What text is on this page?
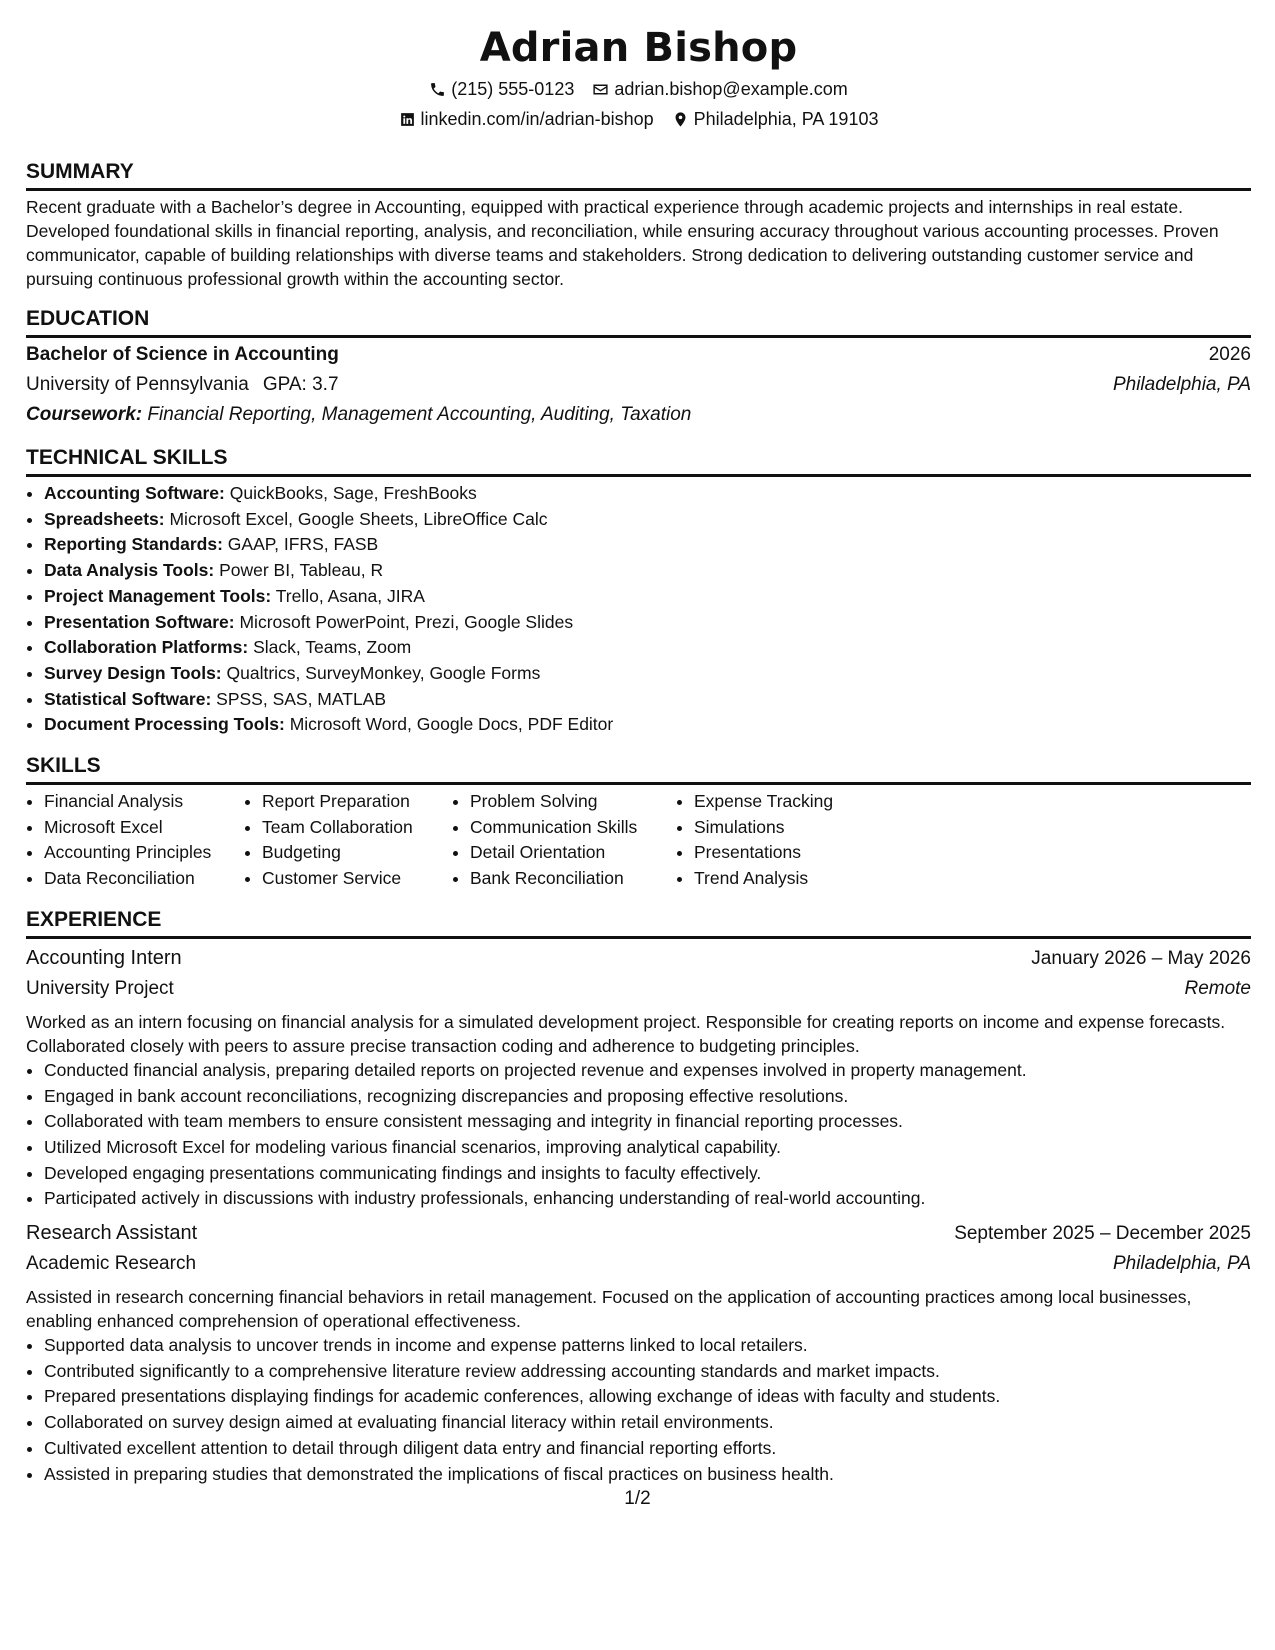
Adrian Bishop
(215) 555-0123 adrian.bishop@example.com
linkedin.com/in/adrian-bishop Philadelphia, PA 19103
SUMMARY

Recent graduate with a Bachelor’s degree in Accounting, equipped with practical experience through academic projects and internships in real estate. Developed foundational skills in financial reporting, analysis, and reconciliation, while ensuring accuracy throughout various accounting processes. Proven communicator, capable of building relationships with diverse teams and stakeholders. Strong dedication to delivering outstanding customer service and pursuing continuous professional growth within the accounting sector.

EDUCATION
Bachelor of Science in Accounting	2026
University of Pennsylvania GPA: 3.7	Philadelphia, PA
Coursework: Financial Reporting, Management Accounting, Auditing, Taxation
TECHNICAL SKILLS
• Accounting Software: QuickBooks, Sage, FreshBooks
• Spreadsheets: Microsoft Excel, Google Sheets, LibreOffice Calc
• Reporting Standards: GAAP, IFRS, FASB
• Data Analysis Tools: Power BI, Tableau, R
• Project Management Tools: Trello, Asana, JIRA
• Presentation Software: Microsoft PowerPoint, Prezi, Google Slides
• Collaboration Platforms: Slack, Teams, Zoom
• Survey Design Tools: Qualtrics, SurveyMonkey, Google Forms
• Statistical Software: SPSS, SAS, MATLAB
• Document Processing Tools: Microsoft Word, Google Docs, PDF Editor
SKILLS
• Financial Analysis
• Microsoft Excel
• Accounting Principles
• Data Reconciliation
• Report Preparation
• Team Collaboration
• Budgeting
• Customer Service
• Problem Solving
• Communication Skills
• Detail Orientation
• Bank Reconciliation
• Expense Tracking
• Simulations
• Presentations
• Trend Analysis
EXPERIENCE
Accounting Intern	January 2026 – May 2026
University Project	Remote

Worked as an intern focusing on financial analysis for a simulated development project. Responsible for creating reports on income and expense forecasts. Collaborated closely with peers to assure precise transaction coding and adherence to budgeting principles.

• Conducted financial analysis, preparing detailed reports on projected revenue and expenses involved in property management.
• Engaged in bank account reconciliations, recognizing discrepancies and proposing effective resolutions.
• Collaborated with team members to ensure consistent messaging and integrity in financial reporting processes.
• Utilized Microsoft Excel for modeling various financial scenarios, improving analytical capability.
• Developed engaging presentations communicating findings and insights to faculty effectively.
• Participated actively in discussions with industry professionals, enhancing understanding of real-world accounting.
Research Assistant	September 2025 – December 2025
Academic Research	Philadelphia, PA

Assisted in research concerning financial behaviors in retail management. Focused on the application of accounting practices among local businesses, enabling enhanced comprehension of operational effectiveness.

• Supported data analysis to uncover trends in income and expense patterns linked to local retailers.
• Contributed significantly to a comprehensive literature review addressing accounting standards and market impacts.
• Prepared presentations displaying findings for academic conferences, allowing exchange of ideas with faculty and students.
• Collaborated on survey design aimed at evaluating financial literacy within retail environments.
• Cultivated excellent attention to detail through diligent data entry and financial reporting efforts.
• Assisted in preparing studies that demonstrated the implications of fiscal practices on business health.
1/2
